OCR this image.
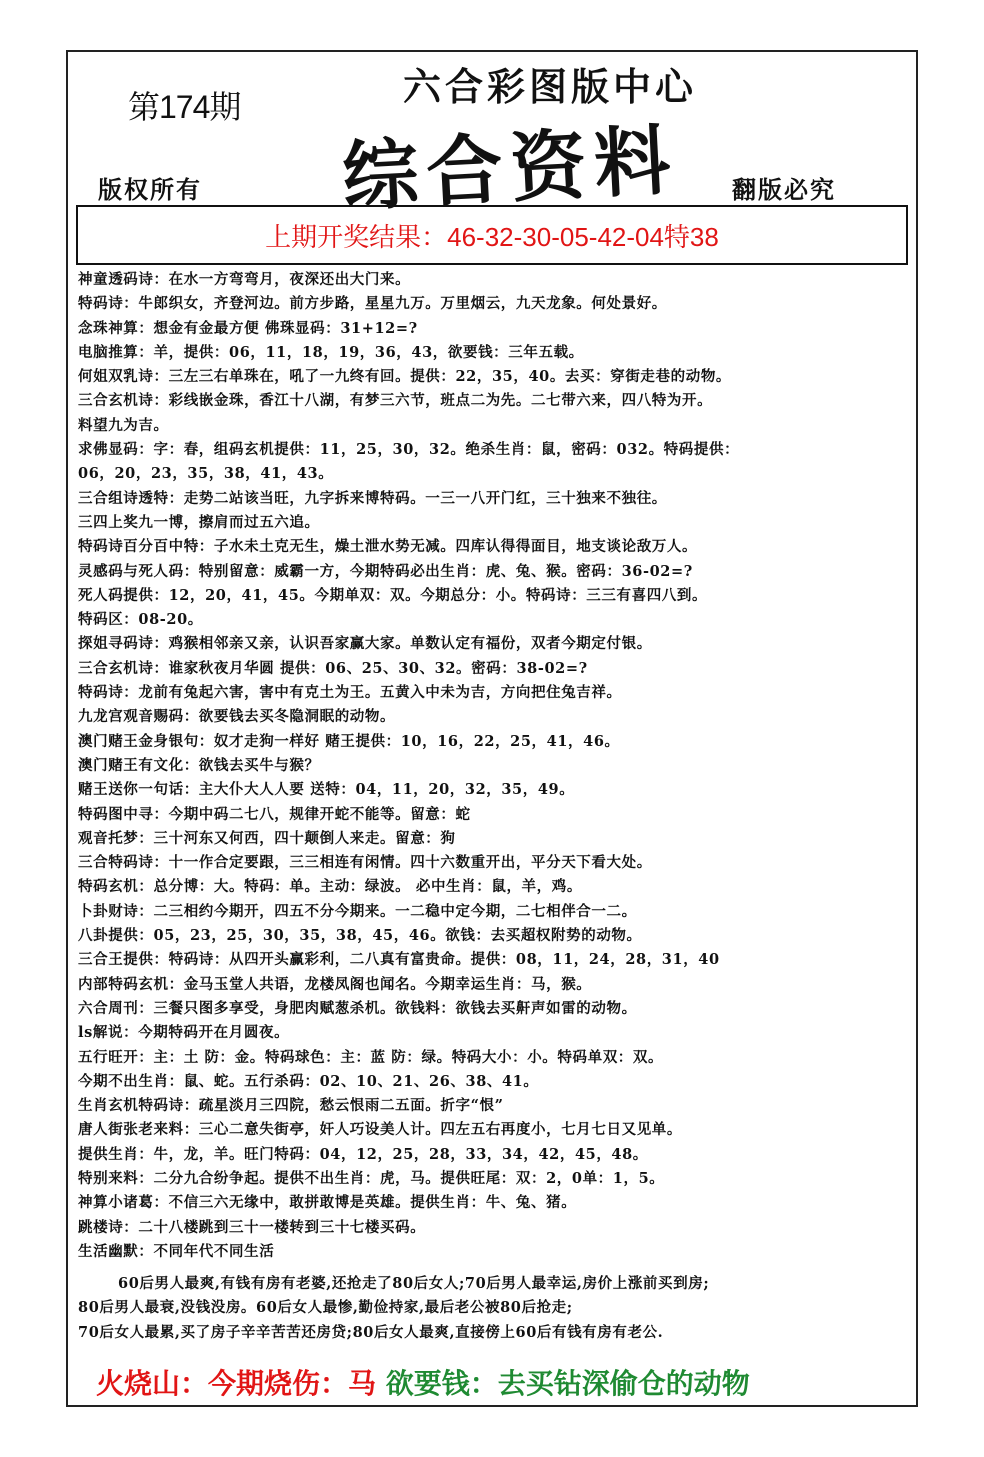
第174期	六合彩图版中心
综合资料
版权所有	翻版必究
上期开奖结果：46-32-30-05-42-04特38
神童透码诗：在水一方弯弯月，夜深还出大门来。
特码诗：牛郎织女，齐登河边。前方步路，星星九万。万里烟云，九天龙象。何处景好。
念珠神算：想金有金最方便 佛珠显码：31+12=?
电脑推算：羊，提供：06，11，18，19，36，43，欲要钱：三年五载。
何姐双乳诗：三左三右单珠在，吼了一九终有回。提供：22，35，40。去买：穿街走巷的动物。
三合玄机诗：彩线嵌金珠，香江十八湖，有梦三六节，班点二为先。二七带六来，四八特为开。
料望九为吉。
求佛显码：字：春，组码玄机提供：11，25，30，32。绝杀生肖：鼠，密码：032。特码提供：
06，20，23，35，38，41，43。
三合组诗透特：走势二站该当旺，九字拆来博特码。一三一八开门红，三十独来不独往。
三四上奖九一博，擦肩而过五六追。
特码诗百分百中特：子水未土克无生，燥土泄水势无减。四库认得得面目，地支谈论敌万人。
灵感码与死人码：特别留意：威霸一方，今期特码必出生肖：虎、兔、猴。密码：36-02=?
死人码提供：12，20，41，45。今期单双：双。今期总分：小。特码诗：三三有喜四八到。
特码区：08-20。
探姐寻码诗：鸡猴相邻亲又亲，认识吾家赢大家。单数认定有福份，双者今期定付银。
三合玄机诗：谁家秋夜月华圆 提供：06、25、30、32。密码：38-02=?
特码诗：龙前有兔起六害，害中有克土为王。五黄入中未为吉，方向把住兔吉祥。
九龙宫观音赐码：欲要钱去买冬隐洞眠的动物。
澳门赌王金身银句：奴才走狗一样好 赌王提供：10，16，22，25，41，46。
澳门赌王有文化：欲钱去买牛与猴？
赌王送你一句话：主大仆大人人要 送特：04，11，20，32，35，49。
特码图中寻：今期中码二七八，规律开蛇不能等。留意：蛇
观音托梦：三十河东又何西，四十颠倒人来走。留意：狗
三合特码诗：十一作合定要跟，三三相连有闲情。四十六数重开出，平分天下看大处。
特码玄机：总分博：大。特码：单。主动：绿波。 必中生肖：鼠，羊，鸡。
卜卦财诗：二三相约今期开，四五不分今期来。一二稳中定今期，二七相伴合一二。
八卦提供：05，23，25，30，35，38，45，46。欲钱：去买超权附势的动物。
三合王提供：特码诗：从四开头赢彩利，二八真有富贵命。提供：08，11，24，28，31，40
内部特码玄机：金马玉堂人共语，龙楼凤阁也闻名。今期幸运生肖：马，猴。
六合周刊：三餐只图多享受，身肥肉赋葱杀机。欲钱料：欲钱去买鼾声如雷的动物。
ls解说：今期特码开在月圆夜。
五行旺开：主：土 防：金。特码球色：主：蓝 防：绿。特码大小：小。特码单双：双。
今期不出生肖：鼠、蛇。五行杀码：02、10、21、26、38、41。
生肖玄机特码诗：疏星淡月三四院，愁云恨雨二五面。折字“恨”
唐人街张老来料：三心二意失街亭，奸人巧设美人计。四左五右再度小，七月七日又见单。
提供生肖：牛，龙，羊。旺门特码：04，12，25，28，33，34，42，45，48。
特别来料：二分九合纷争起。提供不出生肖：虎，马。提供旺尾：双：2，0单：1，5。
神算小诸葛：不信三六无缘中，敢拼敢博是英雄。提供生肖：牛、兔、猪。
跳楼诗：二十八楼跳到三十一楼转到三十七楼买码。
生活幽默：不同年代不同生活
60后男人最爽,有钱有房有老婆,还抢走了80后女人;70后男人最幸运,房价上涨前买到房;
80后男人最衰,没钱没房。60后女人最惨,勤俭持家,最后老公被80后抢走;
70后女人最累,买了房子辛辛苦苦还房贷;80后女人最爽,直接傍上60后有钱有房有老公.
火烧山：今期烧伤：马 欲要钱：去买钻深偷仓的动物
